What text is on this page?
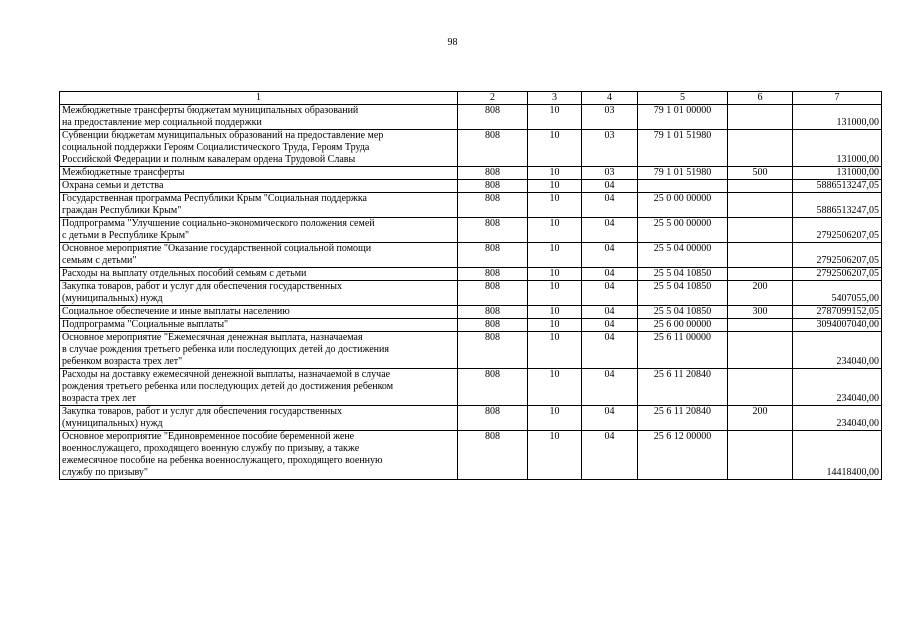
98
1	2	3	4	5	6	7

Межбюджетные трансферты бюджетам муниципальных образований
на предоставление мер социальной поддержки	808	10	03	79 1 01 00000		131000,00

Субвенции бюджетам муниципальных образований на предоставление мер
социальной поддержки Героям Социалистического Труда, Героям Труда
Российской Федерации и полным кавалерам ордена Трудовой Славы	808	10	03	79 1 01 51980		131000,00

Межбюджетные трансферты	808	10	03	79 1 01 51980	500	131000,00

Охрана семьи и детства	808	10	04			5886513247,05

Государственная программа Республики Крым "Социальная поддержка
граждан Республики Крым"	808	10	04	25 0 00 00000		5886513247,05

Подпрограмма "Улучшение социально-экономического положения семей
с детьми в Республике Крым"	808	10	04	25 5 00 00000		2792506207,05

Основное мероприятие "Оказание государственной социальной помощи
семьям с детьми"	808	10	04	25 5 04 00000		2792506207,05

Расходы на выплату отдельных пособий семьям с детьми	808	10	04	25 5 04 10850		2792506207,05

Закупка товаров, работ и услуг для обеспечения государственных
(муниципальных) нужд	808	10	04	25 5 04 10850	200	5407055,00

Социальное обеспечение и иные выплаты населению	808	10	04	25 5 04 10850	300	2787099152,05

Подпрограмма "Социальные выплаты"	808	10	04	25 6 00 00000		3094007040,00

Основное мероприятие "Ежемесячная денежная выплата, назначаемая
в случае рождения третьего ребенка или последующих детей до достижения
ребенком возраста трех лет"	808	10	04	25 6 11 00000		234040,00

Расходы на доставку ежемесячной денежной выплаты, назначаемой в случае
рождения третьего ребенка или последующих детей до достижения ребенком
возраста трех лет	808	10	04	25 6 11 20840		234040,00

Закупка товаров, работ и услуг для обеспечения государственных
(муниципальных) нужд	808	10	04	25 6 11 20840	200	234040,00

Основное мероприятие "Единовременное пособие беременной жене
военнослужащего, проходящего военную службу по призыву, а также
ежемесячное пособие на ребенка военнослужащего, проходящего военную
службу по призыву"	808	10	04	25 6 12 00000		14418400,00
